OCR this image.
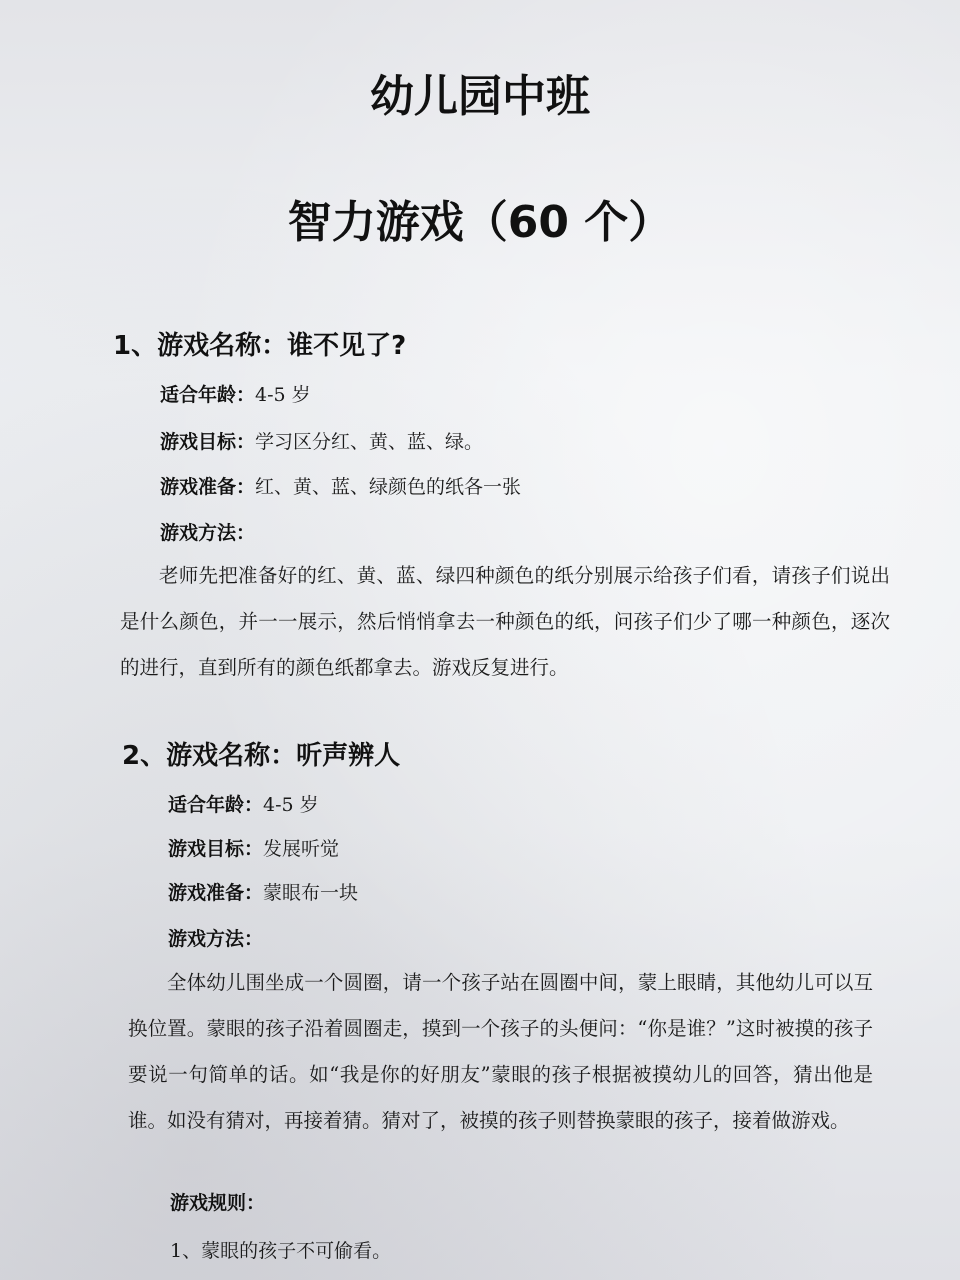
幼儿园中班
智力游戏（60 个）
1、游戏名称：谁不见了?
适合年龄：4-5 岁
游戏目标：学习区分红、黄、蓝、绿。
游戏准备：红、黄、蓝、绿颜色的纸各一张
游戏方法：
老师先把准备好的红、黄、蓝、绿四种颜色的纸分别展示给孩子们看，请孩子们说出是什么颜色，并一一展示，然后悄悄拿去一种颜色的纸，问孩子们少了哪一种颜色，逐次的进行，直到所有的颜色纸都拿去。游戏反复进行。
2、游戏名称：听声辨人
适合年龄：4-5 岁
游戏目标：发展听觉
游戏准备：蒙眼布一块
游戏方法：
全体幼儿围坐成一个圆圈，请一个孩子站在圆圈中间，蒙上眼睛，其他幼儿可以互换位置。蒙眼的孩子沿着圆圈走，摸到一个孩子的头便问：“你是谁？”这时被摸的孩子要说一句简单的话。如“我是你的好朋友”蒙眼的孩子根据被摸幼儿的回答，猜出他是谁。如没有猜对，再接着猜。猜对了，被摸的孩子则替换蒙眼的孩子，接着做游戏。
游戏规则：
1、蒙眼的孩子不可偷看。
